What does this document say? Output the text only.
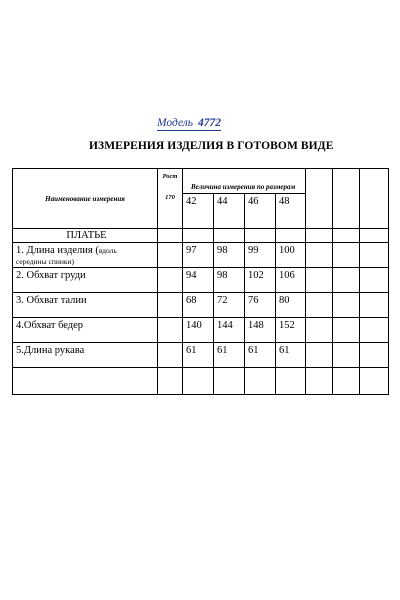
Модель 4772
ИЗМЕРЕНИЯ ИЗДЕЛИЯ В ГОТОВОМ ВИДЕ
Наименование измерения	Рост
170	Величина измерения по размерам						
		42	44	46	48			
ПЛАТЬЕ								
1. Длина изделия (вдоль
середины спинки)		97	98	99	100			
2. Обхват груди		94	98	102	106			
3. Обхват талии		68	72	76	80			
4.Обхват бедер		140	144	148	152			
5.Длина рукава		61	61	61	61			
